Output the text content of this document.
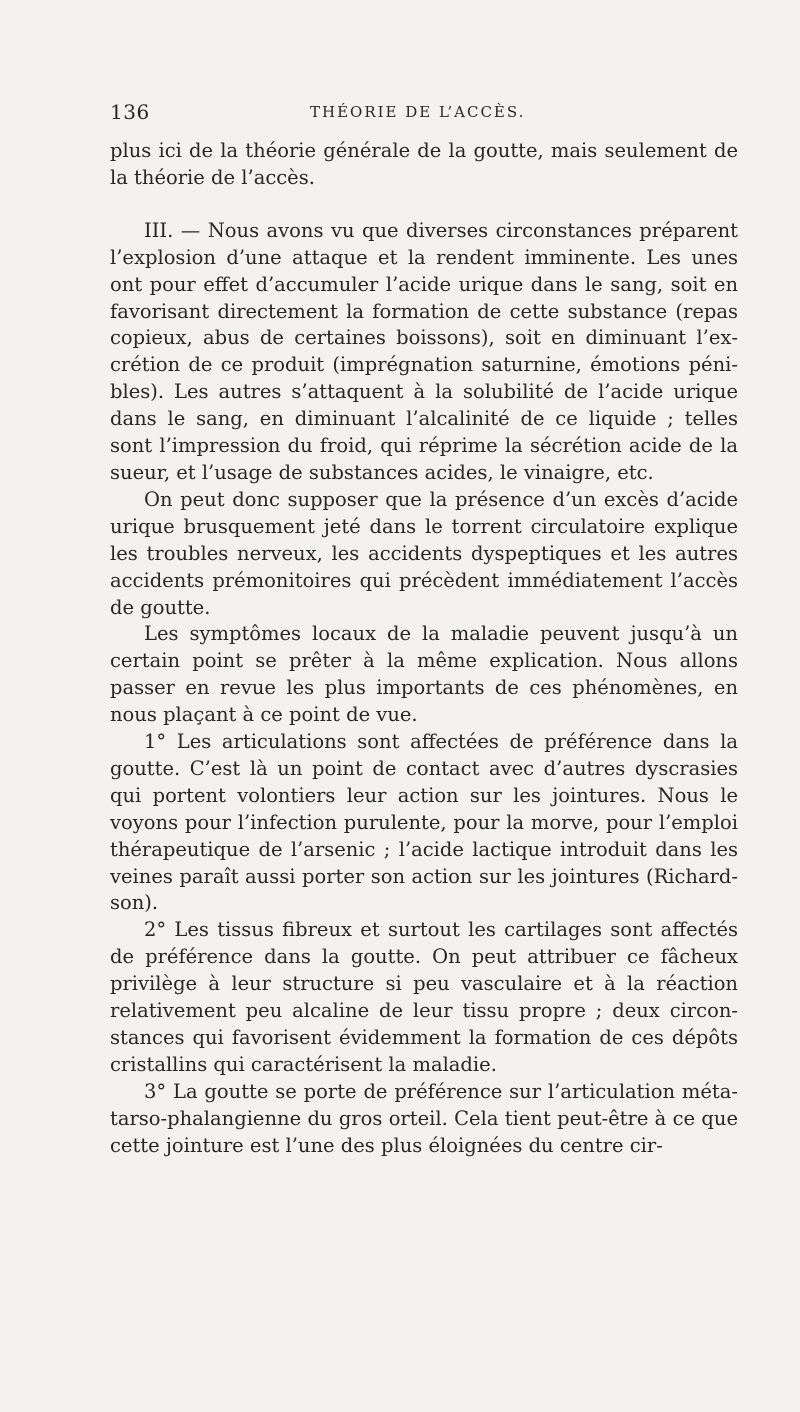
136	THÉORIE DE L’ACCÈS.

plus ici de la théorie générale de la goutte, mais seulement de la théorie de l’accès.

III. — Nous avons vu que diverses circonstances préparent l’explosion d’une attaque et la rendent imminente. Les unes ont pour effet d’accumuler l’acide urique dans le sang, soit en favorisant directement la formation de cette substance (repas copieux, abus de certaines boissons), soit en diminuant l’excrétion de ce produit (imprégnation saturnine, émotions pénibles). Les autres s’attaquent à la solubilité de l’acide urique dans le sang, en diminuant l’alcalinité de ce liquide ; telles sont l’impression du froid, qui réprime la sécrétion acide de la sueur, et l’usage de substances acides, le vinaigre, etc.

On peut donc supposer que la présence d’un excès d’acide urique brusquement jeté dans le torrent circulatoire explique les troubles nerveux, les accidents dyspeptiques et les autres accidents prémonitoires qui précèdent immédiatement l’accès de goutte.

Les symptômes locaux de la maladie peuvent jusqu’à un certain point se prêter à la même explication. Nous allons passer en revue les plus importants de ces phénomènes, en nous plaçant à ce point de vue.

1° Les articulations sont affectées de préférence dans la goutte. C’est là un point de contact avec d’autres dyscrasies qui portent volontiers leur action sur les jointures. Nous le voyons pour l’infection purulente, pour la morve, pour l’emploi thérapeutique de l’arsenic ; l’acide lactique introduit dans les veines paraît aussi porter son action sur les jointures (Richardson).

2° Les tissus fibreux et surtout les cartilages sont affectés de préférence dans la goutte. On peut attribuer ce fâcheux privilège à leur structure si peu vasculaire et à la réaction relativement peu alcaline de leur tissu propre ; deux circonstances qui favorisent évidemment la formation de ces dépôts cristallins qui caractérisent la maladie.

3° La goutte se porte de préférence sur l’articulation métatarso-phalangienne du gros orteil. Cela tient peut-être à ce que cette jointure est l’une des plus éloignées du centre cir-
